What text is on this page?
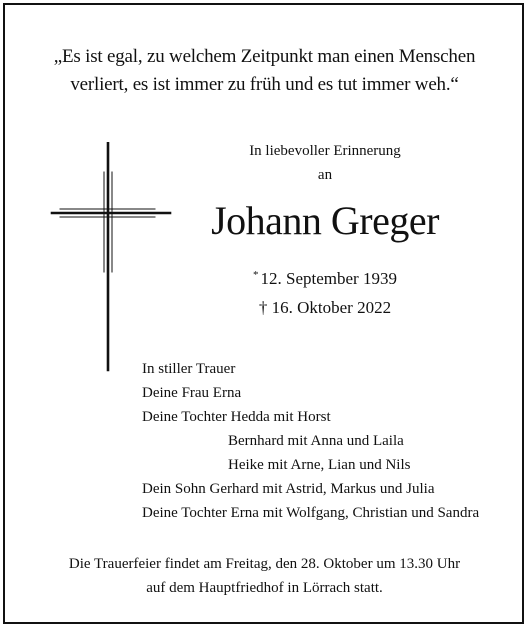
„Es ist egal, zu welchem Zeitpunkt man einen Menschen
verliert, es ist immer zu früh und es tut immer weh.“
In liebevoller Erinnerung
an
Johann Greger
* 12. September 1939
† 16. Oktober 2022
In stiller Trauer
Deine Frau Erna
Deine Tochter Hedda mit Horst
Bernhard mit Anna und Laila
Heike mit Arne, Lian und Nils
Dein Sohn Gerhard mit Astrid, Markus und Julia
Deine Tochter Erna mit Wolfgang, Christian und Sandra
Die Trauerfeier findet am Freitag, den 28. Oktober um 13.30 Uhr
auf dem Hauptfriedhof in Lörrach statt.
